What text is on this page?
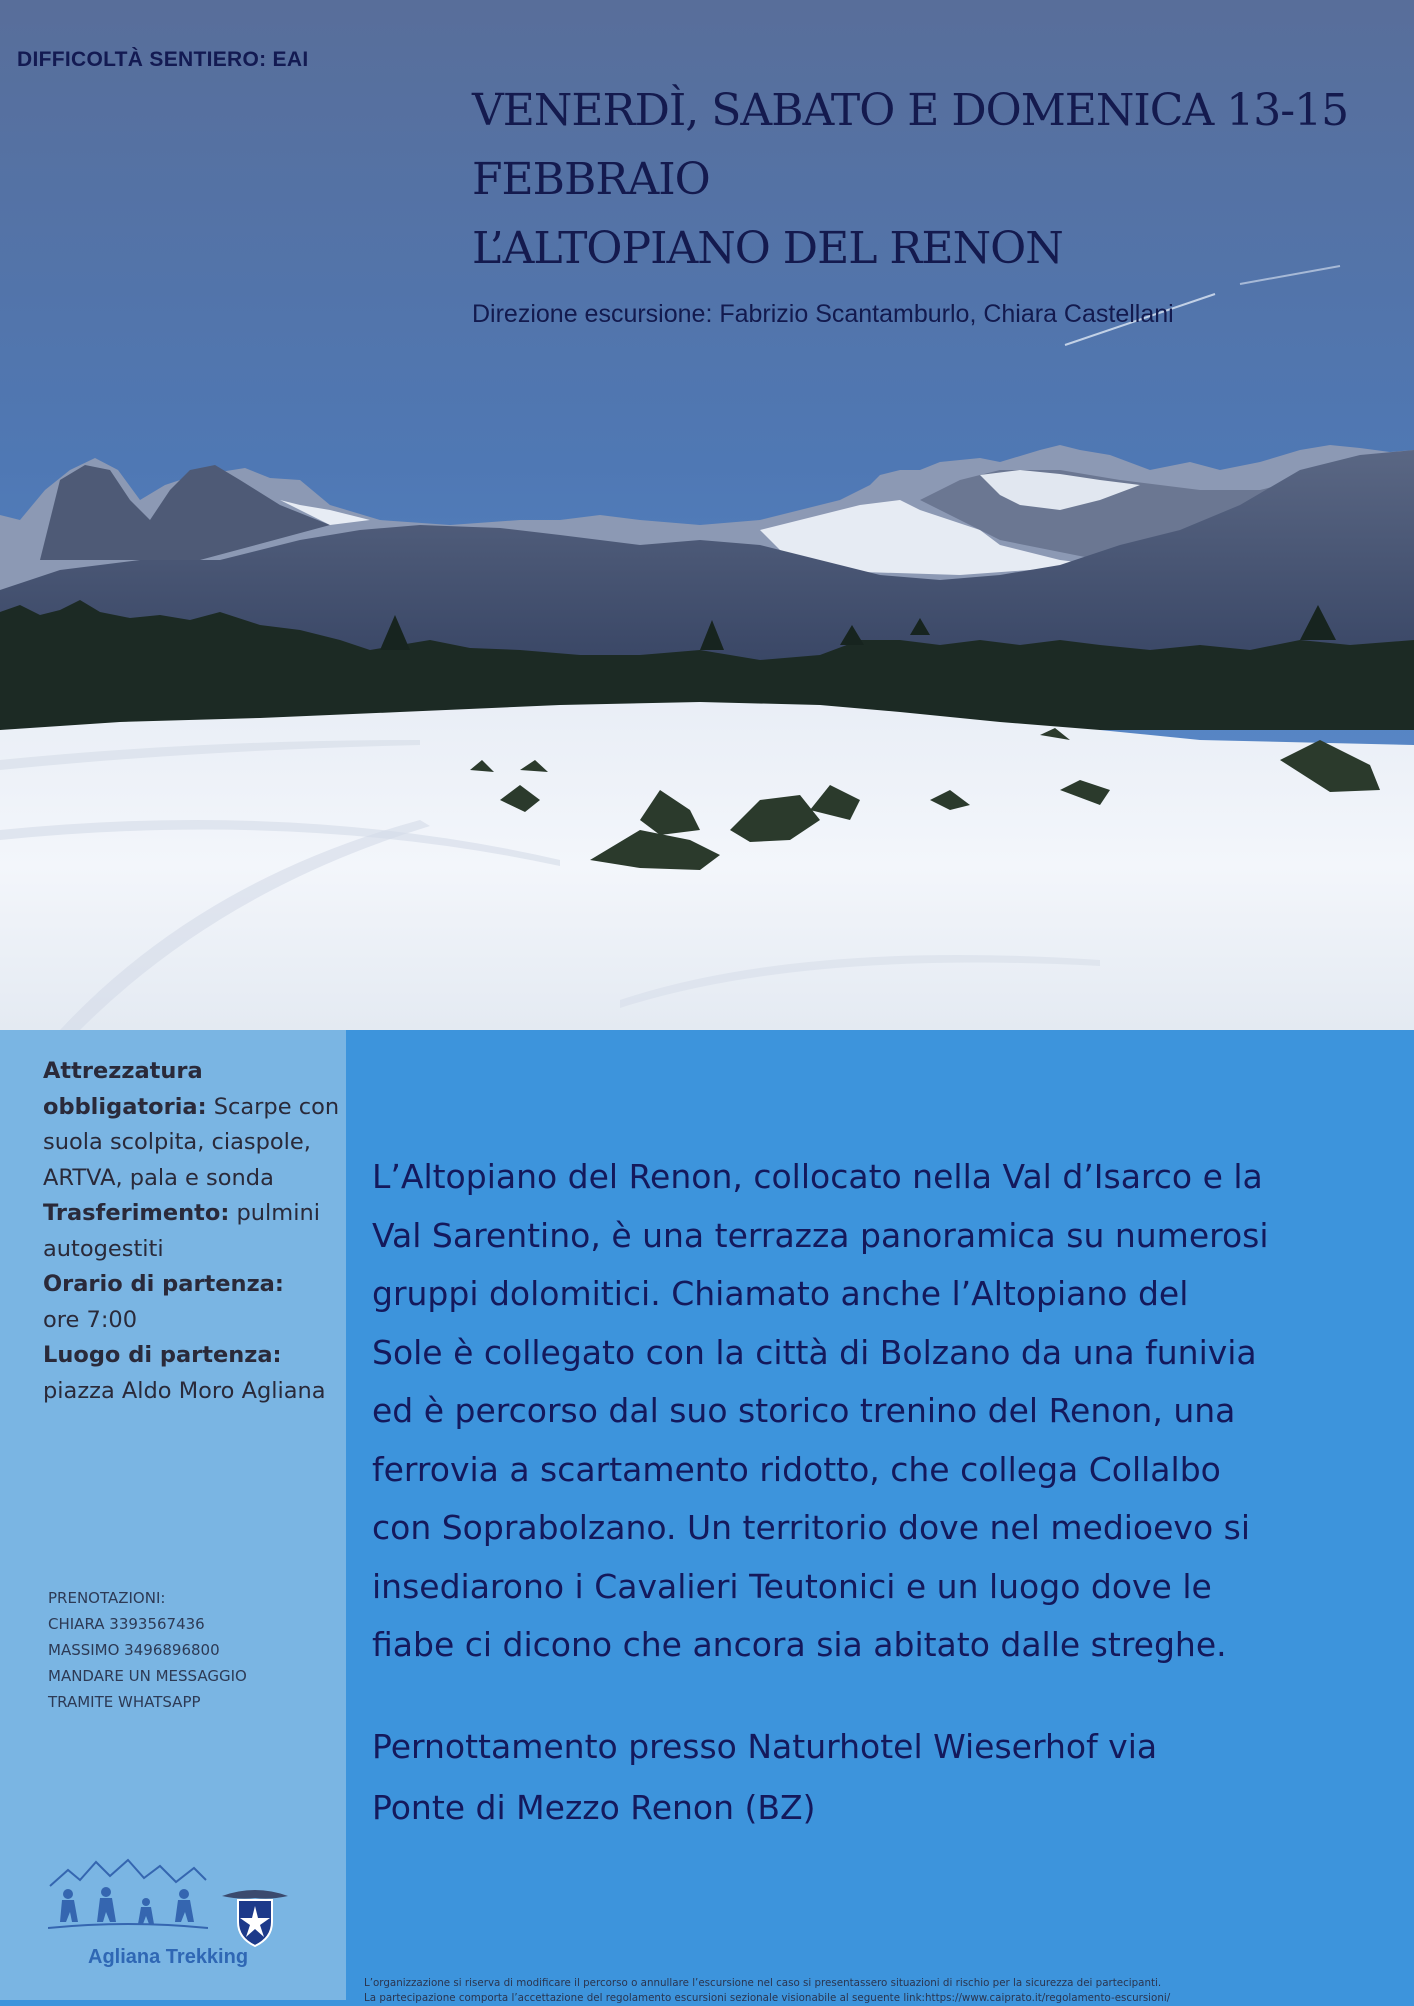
DIFFICOLTÀ SENTIERO: EAI
VENERDÌ, SABATO E DOMENICA 13-15
FEBBRAIO
L’ALTOPIANO DEL RENON
Direzione escursione: Fabrizio Scantamburlo, Chiara Castellani

Attrezzatura obbligatoria: Scarpe con suola scolpita, ciaspole, ARTVA, pala e sonda

Trasferimento: pulmini autogestiti

Orario di partenza:
ore 7:00

Luogo di partenza:
piazza Aldo Moro Agliana

PRENOTAZIONI:
CHIARA 3393567436
MASSIMO 3496896800
MANDARE UN MESSAGGIO
TRAMITE WHATSAPP
Agliana Trekking
L’Altopiano del Renon, collocato nella Val d’Isarco e la
Val Sarentino, è una terrazza panoramica su numerosi
gruppi dolomitici. Chiamato anche l’Altopiano del
Sole è collegato con la città di Bolzano da una funivia
ed è percorso dal suo storico trenino del Renon, una
ferrovia a scartamento ridotto, che collega Collalbo
con Soprabolzano. Un territorio dove nel medioevo si
insediarono i Cavalieri Teutonici e un luogo dove le
fiabe ci dicono che ancora sia abitato dalle streghe.
Pernottamento presso Naturhotel Wieserhof via
Ponte di Mezzo Renon (BZ)
L’organizzazione si riserva di modificare il percorso o annullare l’escursione nel caso si presentassero situazioni di rischio per la sicurezza dei partecipanti.
La partecipazione comporta l’accettazione del regolamento escursioni sezionale visionabile al seguente link:https://www.caiprato.it/regolamento-escursioni/
